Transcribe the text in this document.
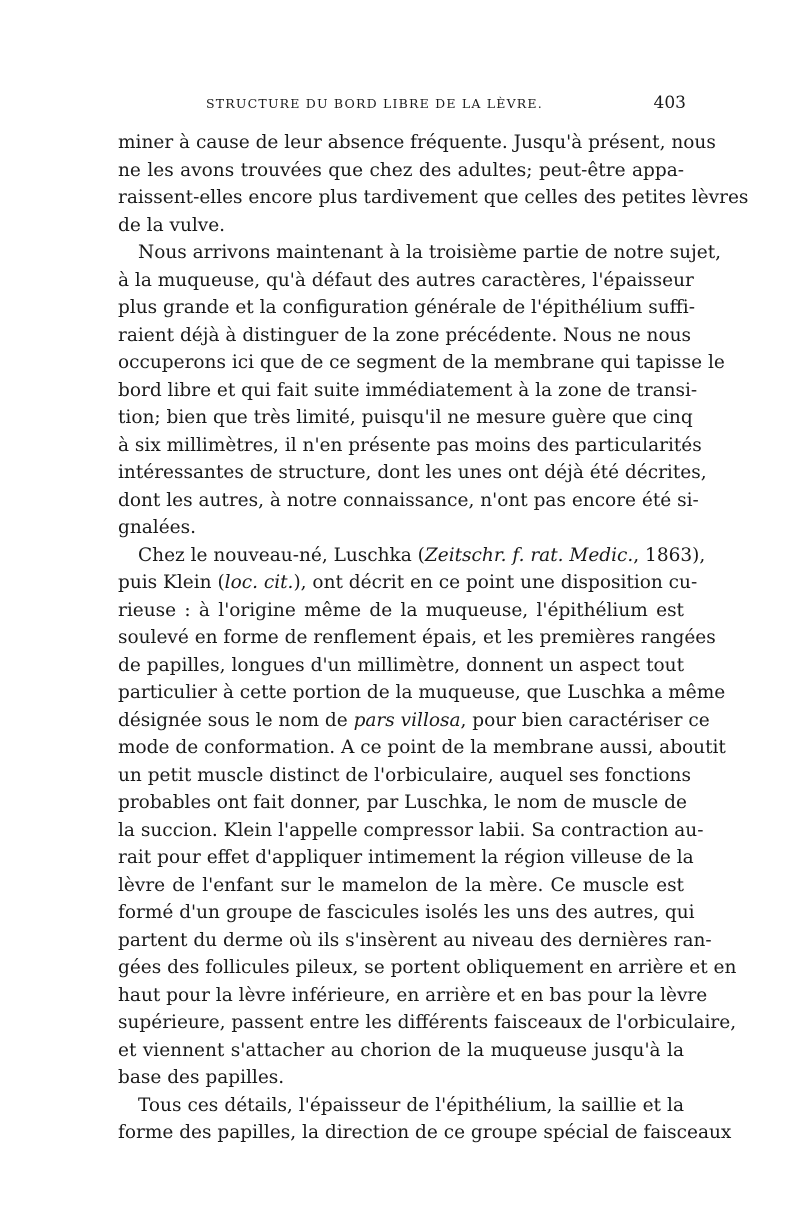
STRUCTURE DU BORD LIBRE DE LA LÈVRE.	403
miner à cause de leur absence fréquente. Jusqu'à présent, nous
ne les avons trouvées que chez des adultes; peut-être appa-
raissent-elles encore plus tardivement que celles des petites lèvres
de la vulve.
Nous arrivons maintenant à la troisième partie de notre sujet,
à la muqueuse, qu'à défaut des autres caractères, l'épaisseur
plus grande et la configuration générale de l'épithélium suffi-
raient déjà à distinguer de la zone précédente. Nous ne nous
occuperons ici que de ce segment de la membrane qui tapisse le
bord libre et qui fait suite immédiatement à la zone de transi-
tion; bien que très limité, puisqu'il ne mesure guère que cinq
à six millimètres, il n'en présente pas moins des particularités
intéressantes de structure, dont les unes ont déjà été décrites,
dont les autres, à notre connaissance, n'ont pas encore été si-
gnalées.
Chez le nouveau-né, Luschka (Zeitschr. f. rat. Medic., 1863),
puis Klein (loc. cit.), ont décrit en ce point une disposition cu-
rieuse : à l'origine même de la muqueuse, l'épithélium est
soulevé en forme de renflement épais, et les premières rangées
de papilles, longues d'un millimètre, donnent un aspect tout
particulier à cette portion de la muqueuse, que Luschka a même
désignée sous le nom de pars villosa, pour bien caractériser ce
mode de conformation. A ce point de la membrane aussi, aboutit
un petit muscle distinct de l'orbiculaire, auquel ses fonctions
probables ont fait donner, par Luschka, le nom de muscle de
la succion. Klein l'appelle compressor labii. Sa contraction au-
rait pour effet d'appliquer intimement la région villeuse de la
lèvre de l'enfant sur le mamelon de la mère. Ce muscle est
formé d'un groupe de fascicules isolés les uns des autres, qui
partent du derme où ils s'insèrent au niveau des dernières ran-
gées des follicules pileux, se portent obliquement en arrière et en
haut pour la lèvre inférieure, en arrière et en bas pour la lèvre
supérieure, passent entre les différents faisceaux de l'orbiculaire,
et viennent s'attacher au chorion de la muqueuse jusqu'à la
base des papilles.
Tous ces détails, l'épaisseur de l'épithélium, la saillie et la
forme des papilles, la direction de ce groupe spécial de faisceaux
